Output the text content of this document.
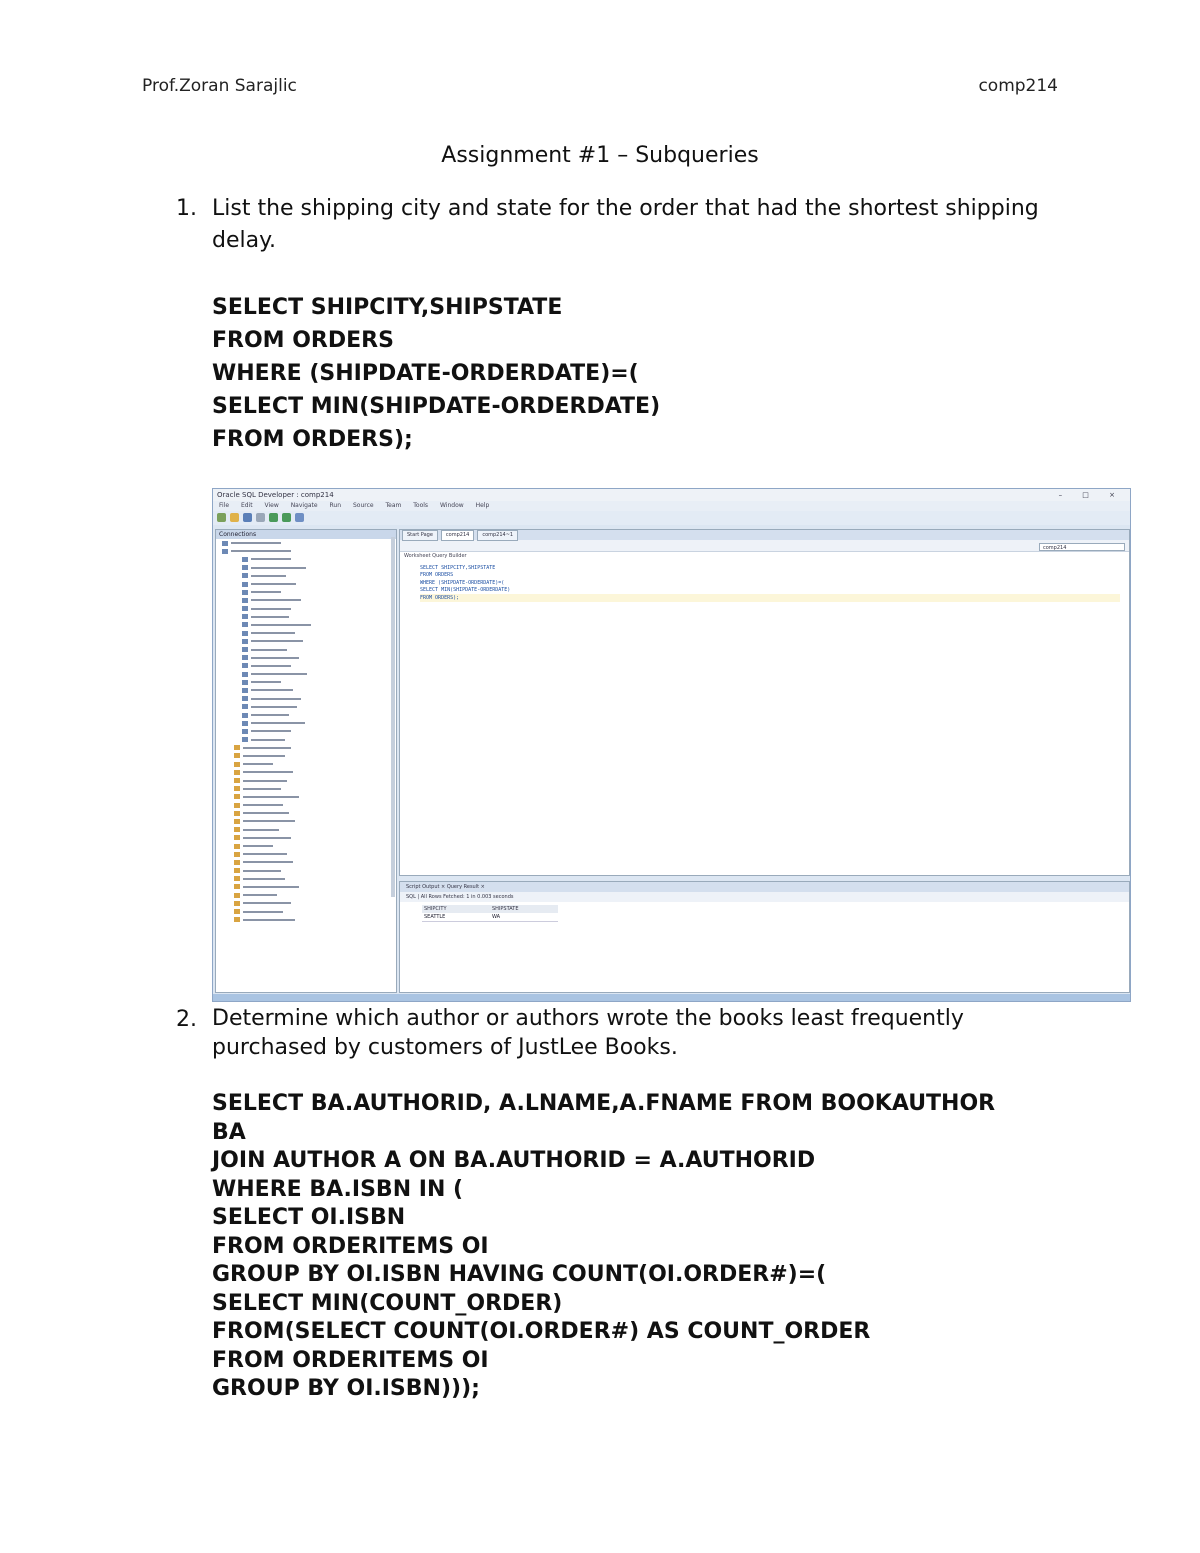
Prof.Zoran Sarajlic	comp214
Assignment #1 – Subqueries
1. List the shipping city and state for the order that had the shortest shipping delay.
SELECT SHIPCITY,SHIPSTATE
FROM ORDERS
WHERE (SHIPDATE-ORDERDATE)=(
SELECT MIN(SHIPDATE-ORDERDATE)
FROM ORDERS);
Oracle SQL Developer : comp214	– □ ×
File Edit View Navigate Run Source Team Tools Window Help
Connections	Start Page	comp214	comp214~1
comp214
Worksheet Query Builder
SELECT SHIPCITY,SHIPSTATE
FROM ORDERS
WHERE (SHIPDATE-ORDERDATE)=(
SELECT MIN(SHIPDATE-ORDERDATE)
FROM ORDERS);
Script Output × Query Result ×
SQL | All Rows Fetched: 1 in 0.003 seconds
SHIPCITY	SHIPSTATE
SEATTLE	WA
2. Determine which author or authors wrote the books least frequently purchased by customers of JustLee Books.
SELECT BA.AUTHORID, A.LNAME,A.FNAME FROM BOOKAUTHOR
BA
JOIN AUTHOR A ON BA.AUTHORID = A.AUTHORID
WHERE BA.ISBN IN (
SELECT OI.ISBN
FROM ORDERITEMS OI
GROUP BY OI.ISBN HAVING COUNT(OI.ORDER#)=(
SELECT MIN(COUNT_ORDER)
FROM(SELECT COUNT(OI.ORDER#) AS COUNT_ORDER
FROM ORDERITEMS OI
GROUP BY OI.ISBN)));
